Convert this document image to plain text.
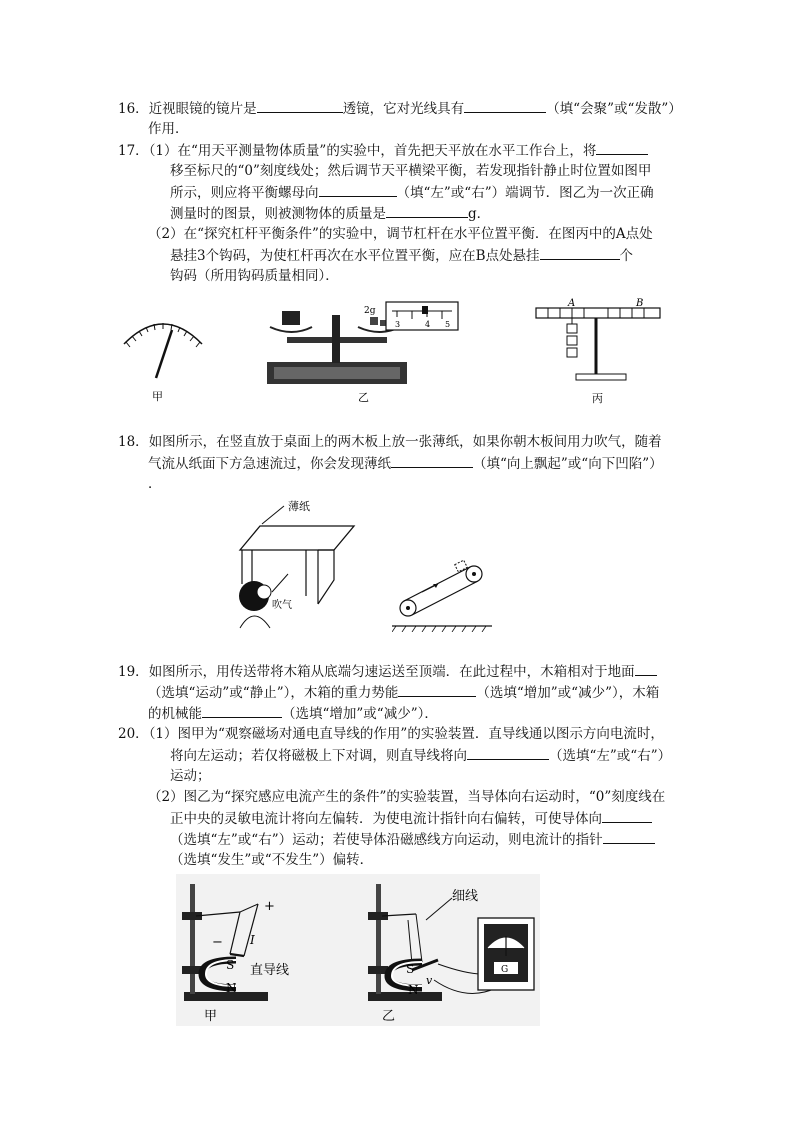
16．近视眼镜的镜片是	透镜，它对光线具有	（填“会聚”或“发散”）
作用．
17．（1）在“用天平测量物体质量”的实验中，首先把天平放在水平工作台上，将
移至标尺的“0”刻度线处；然后调节天平横梁平衡，若发现指针静止时位置如图甲
所示，则应将平衡螺母向	（填“左”或“右”）端调节．图乙为一次正确
测量时的图景，则被测物体的质量是	g．
（2）在“探究杠杆平衡条件”的实验中，调节杠杆在水平位置平衡．在图丙中的A点处
悬挂3个钩码，为使杠杆再次在水平位置平衡，应在B点处悬挂	个
钩码（所用钩码质量相同）．
甲
2g
3	4 5
乙
A	B
丙
18．如图所示，在竖直放于桌面上的两木板上放一张薄纸，如果你朝木板间用力吹气，随着
气流从纸面下方急速流过，你会发现薄纸	（填“向上飘起”或“向下凹陷”）
．
薄纸
吹气
19．如图所示，用传送带将木箱从底端匀速运送至顶端．在此过程中，木箱相对于地面
（选填“运动”或“静止”），木箱的重力势能	（选填“增加”或“减少”），木箱
的机械能	（选填“增加”或“减少”）．
20．（1）图甲为“观察磁场对通电直导线的作用”的实验装置．直导线通以图示方向电流时，
将向左运动；若仅将磁极上下对调，则直导线将向	（选填“左”或“右”）
运动；
（2）图乙为“探究感应电流产生的条件”的实验装置，当导体向右运动时，“0”刻度线在
正中央的灵敏电流计将向左偏转．为使电流计指针向右偏转，可使导体向
（选填“左”或“右”）运动；若使导体沿磁感线方向运动，则电流计的指针
（选填“发生”或“不发生”）偏转．
+
− I
S
N
直导线
甲
细线
S
N
v
G
乙
